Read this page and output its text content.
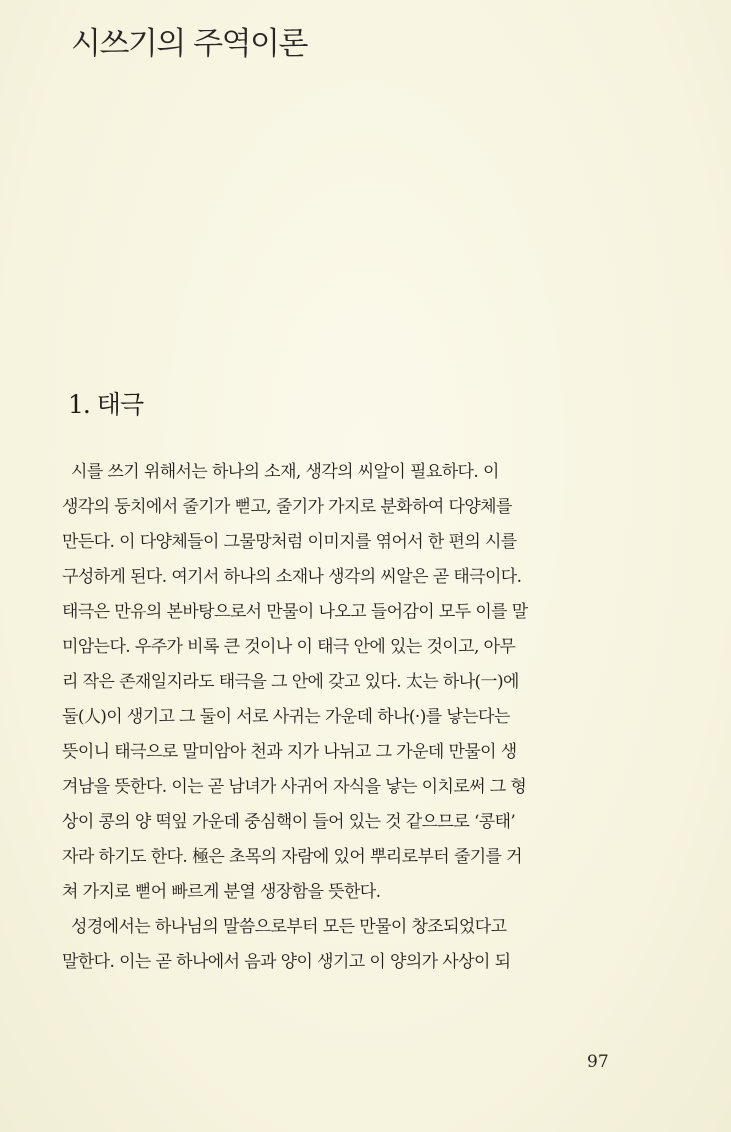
시쓰기의 주역이론
1. 태극
시를 쓰기 위해서는 하나의 소재, 생각의 씨알이 필요하다. 이
생각의 둥치에서 줄기가 뻗고, 줄기가 가지로 분화하여 다양체를
만든다. 이 다양체들이 그물망처럼 이미지를 엮어서 한 편의 시를
구성하게 된다. 여기서 하나의 소재나 생각의 씨알은 곧 태극이다.
태극은 만유의 본바탕으로서 만물이 나오고 들어감이 모두 이를 말
미암는다. 우주가 비록 큰 것이나 이 태극 안에 있는 것이고, 아무
리 작은 존재일지라도 태극을 그 안에 갖고 있다. 太는 하나(一)에
둘(人)이 생기고 그 둘이 서로 사귀는 가운데 하나(·)를 낳는다는
뜻이니 태극으로 말미암아 천과 지가 나뉘고 그 가운데 만물이 생
겨남을 뜻한다. 이는 곧 남녀가 사귀어 자식을 낳는 이치로써 그 형
상이 콩의 양 떡잎 가운데 중심핵이 들어 있는 것 같으므로 ‘콩태’
자라 하기도 한다. 極은 초목의 자람에 있어 뿌리로부터 줄기를 거
쳐 가지로 뻗어 빠르게 분열 생장함을 뜻한다.
성경에서는 하나님의 말씀으로부터 모든 만물이 창조되었다고
말한다. 이는 곧 하나에서 음과 양이 생기고 이 양의가 사상이 되
97
